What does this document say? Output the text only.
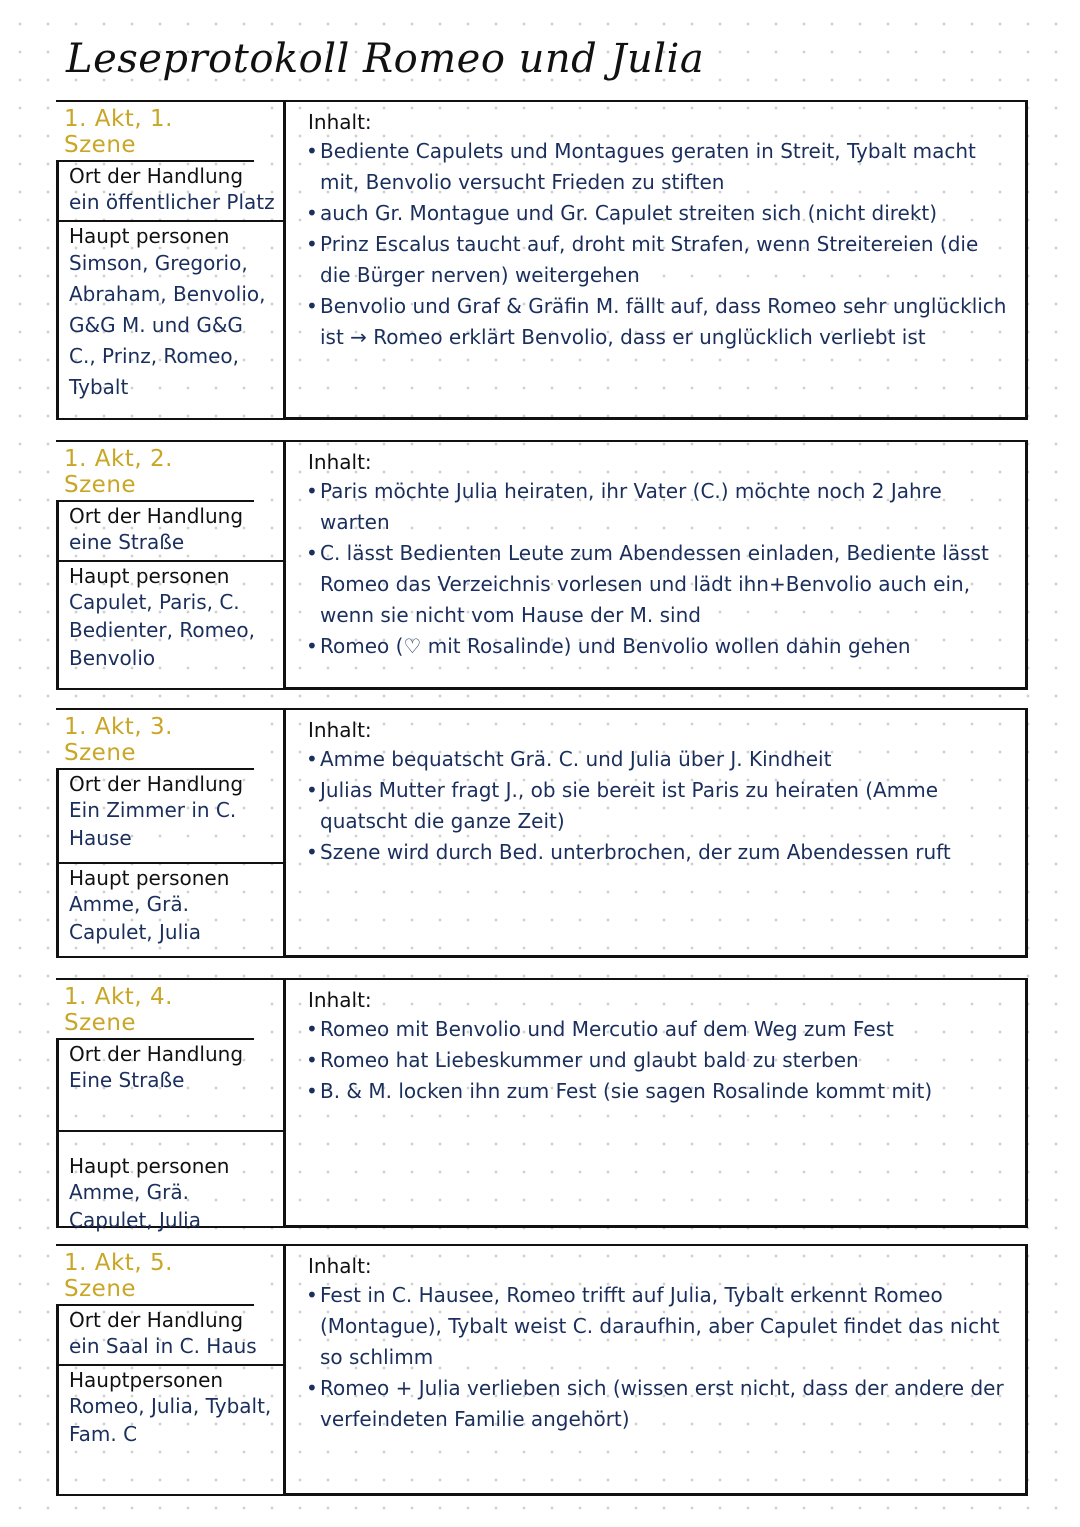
Leseprotokoll Romeo und Julia
1. Akt, 1. Szene
Ort der Handlung
ein öffentlicher Platz
Haupt personen
Simson, Gregorio, Abraham, Benvolio, G&G M. und G&G C., Prinz, Romeo, Tybalt
Inhalt:
• Bediente Capulets und Montagues geraten in Streit, Tybalt macht mit, Benvolio versucht Frieden zu stiften
• auch Gr. Montague und Gr. Capulet streiten sich (nicht direkt)
• Prinz Escalus taucht auf, droht mit Strafen, wenn Streitereien (die die Bürger nerven) weitergehen
• Benvolio und Graf & Gräfin M. fällt auf, dass Romeo sehr unglücklich ist → Romeo erklärt Benvolio, dass er unglücklich verliebt ist
1. Akt, 2. Szene
Ort der Handlung
eine Straße
Haupt personen
Capulet, Paris, C. Bedienter, Romeo, Benvolio
Inhalt:
• Paris möchte Julia heiraten, ihr Vater (C.) möchte noch 2 Jahre warten
• C. lässt Bedienten Leute zum Abendessen einladen, Bediente lässt Romeo das Verzeichnis vorlesen und lädt ihn+Benvolio auch ein, wenn sie nicht vom Hause der M. sind
• Romeo (♡ mit Rosalinde) und Benvolio wollen dahin gehen
1. Akt, 3. Szene
Ort der Handlung
Ein Zimmer in C. Hause
Haupt personen
Amme, Grä. Capulet, Julia
Inhalt:
• Amme bequatscht Grä. C. und Julia über J. Kindheit
• Julias Mutter fragt J., ob sie bereit ist Paris zu heiraten (Amme quatscht die ganze Zeit)
• Szene wird durch Bed. unterbrochen, der zum Abendessen ruft
1. Akt, 4. Szene
Ort der Handlung
Eine Straße
Haupt personen
Amme, Grä. Capulet, Julia
Inhalt:
• Romeo mit Benvolio und Mercutio auf dem Weg zum Fest
• Romeo hat Liebeskummer und glaubt bald zu sterben
• B. & M. locken ihn zum Fest (sie sagen Rosalinde kommt mit)
1. Akt, 5. Szene
Ort der Handlung
ein Saal in C. Haus
Hauptpersonen
Romeo, Julia, Tybalt, Fam. C
Inhalt:
• Fest in C. Hausee, Romeo trifft auf Julia, Tybalt erkennt Romeo (Montague), Tybalt weist C. daraufhin, aber Capulet findet das nicht so schlimm
• Romeo + Julia verlieben sich (wissen erst nicht, dass der andere der verfeindeten Familie angehört)
